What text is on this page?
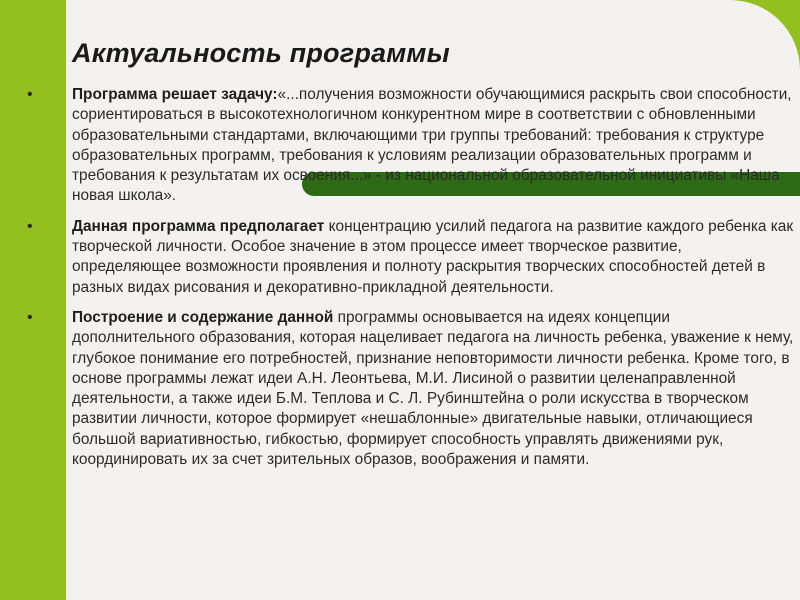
Актуальность программы
•	Программа решает задачу:«...получения возможности обучающимися раскрыть свои способности, сориентироваться в высокотехнологичном конкурентном мире в соответствии с обновленными образовательными стандартами, включающими три группы требований: требования к структуре образовательных программ, требования к условиям реализации образовательных программ и требования к результатам их освоения...» - из национальной образовательной инициативы «Наша новая школа».
•	Данная программа предполагает концентрацию усилий педагога на развитие каждого ребенка как творческой личности. Особое значение в этом процессе имеет творческое развитие, определяющее возможности проявления и полноту раскрытия творческих способностей детей в разных видах рисования и декоративно-прикладной деятельности.
•	Построение и содержание данной программы основывается на идеях концепции дополнительного образования, которая нацеливает педагога на личность ребенка, уважение к нему, глубокое понимание его потребностей, признание неповторимости личности ребенка. Кроме того, в основе программы лежат идеи А.Н. Леонтьева, М.И. Лисиной о развитии целенаправленной деятельности, а также идеи Б.М. Теплова и С. Л. Рубинштейна о роли искусства в творческом развитии личности, которое формирует «нешаблонные» двигательные навыки, отличающиеся большой вариативностью, гибкостью, формирует способность управлять движениями рук, координировать их за счет зрительных образов, воображения и памяти.
